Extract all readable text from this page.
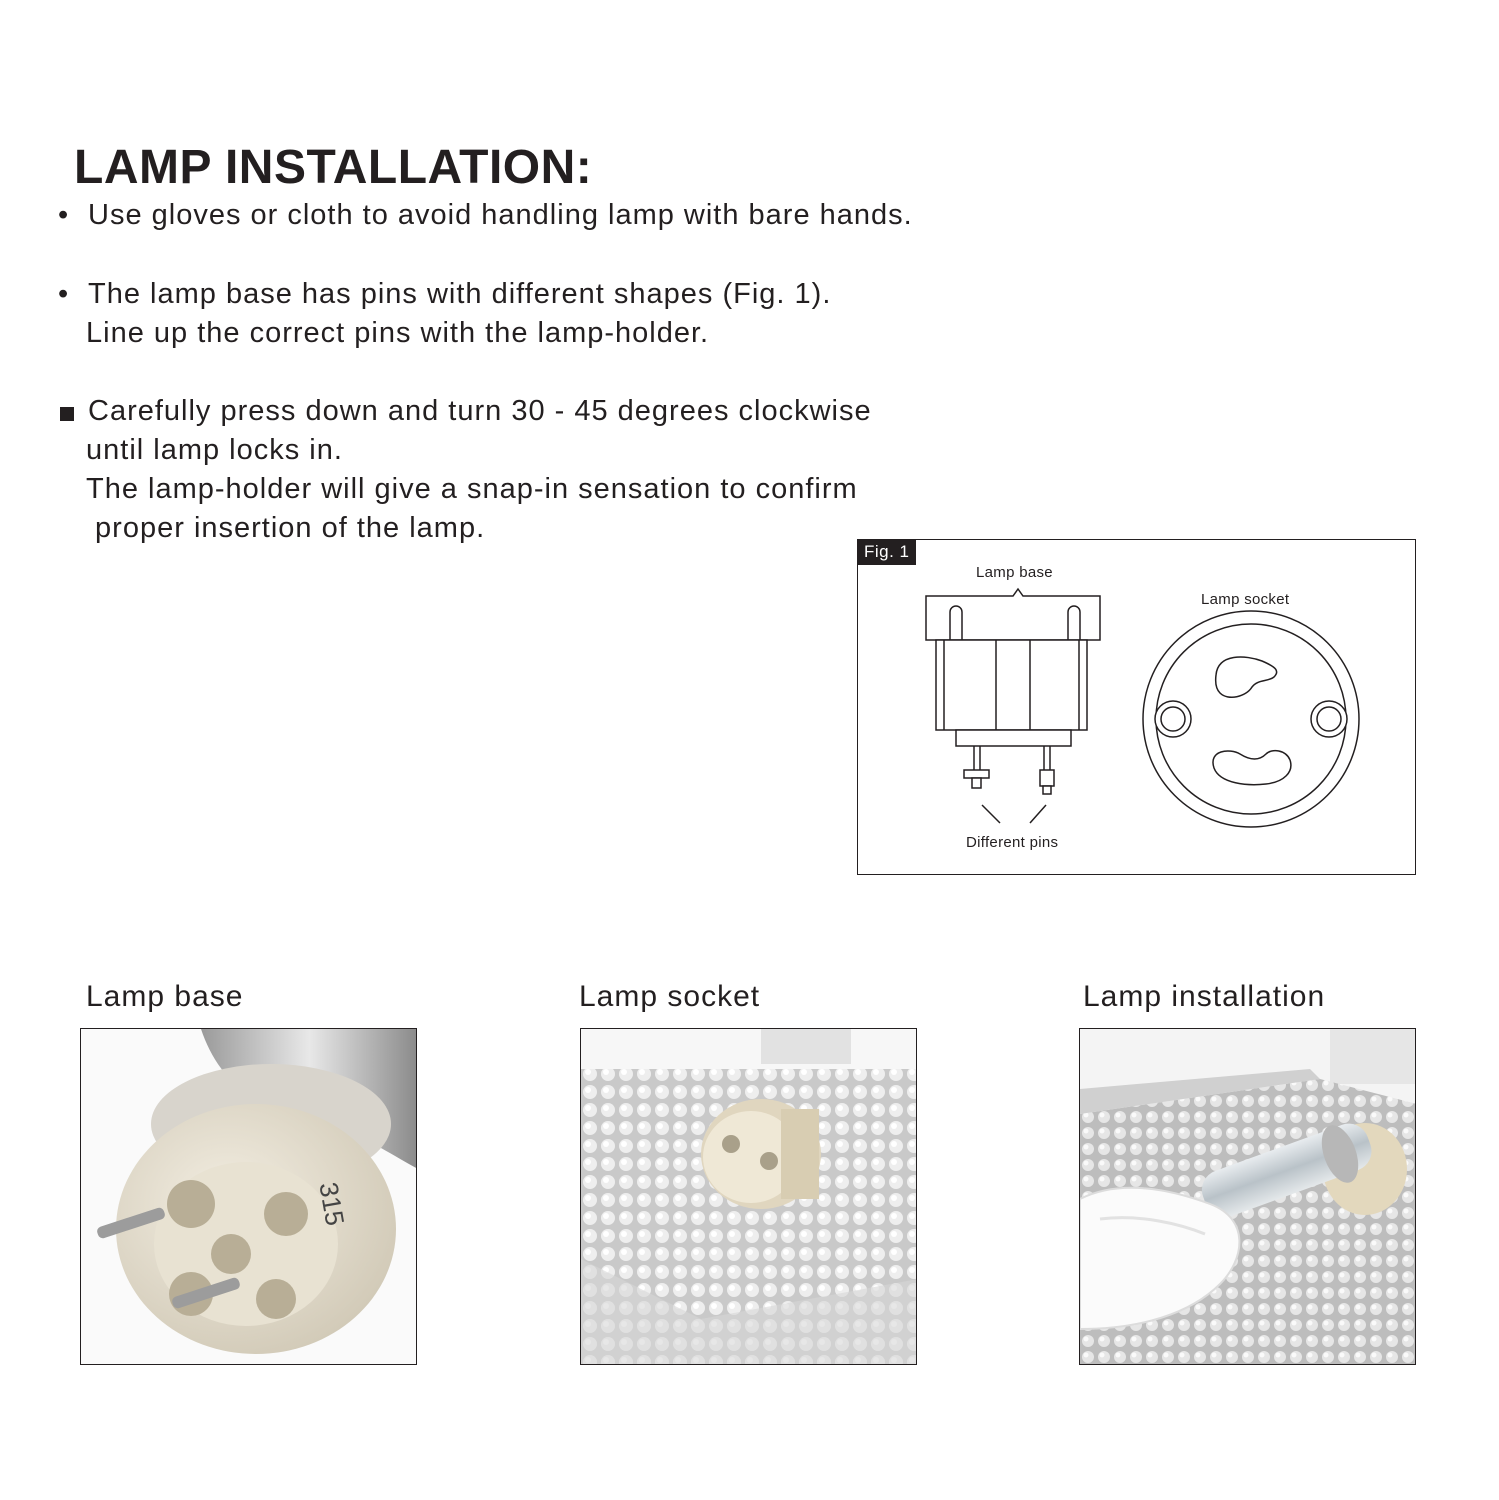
LAMP INSTALLATION:
• Use gloves or cloth to avoid handling lamp with bare hands.
• The lamp base has pins with different shapes (Fig. 1).
Line up the correct pins with the lamp-holder.
Carefully press down and turn 30 - 45 degrees clockwise
until lamp locks in.
The lamp-holder will give a snap-in sensation to confirm
proper insertion of the lamp.
Fig. 1
Lamp base
Lamp socket
Different pins
Lamp base	Lamp socket	Lamp installation
315
